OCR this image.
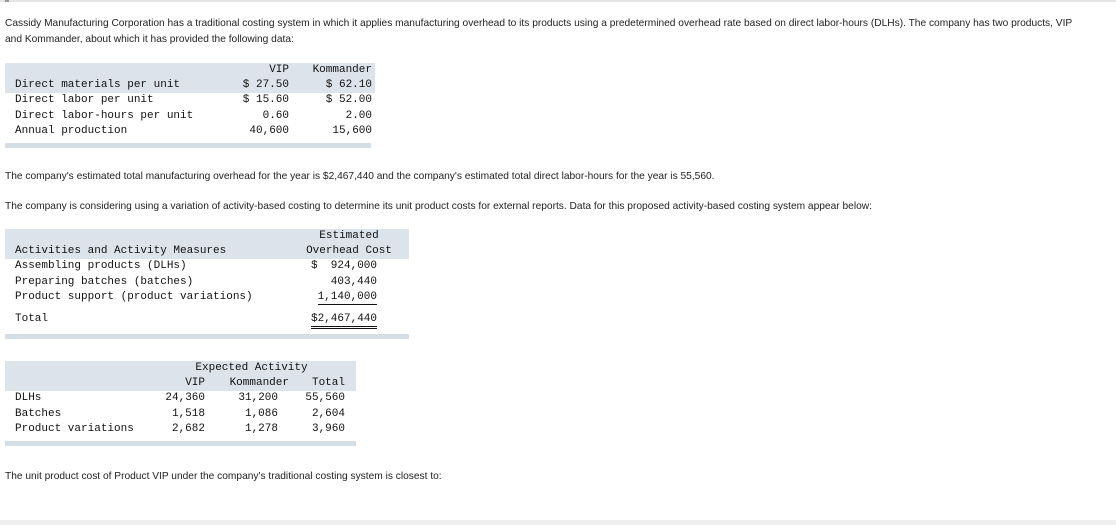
Cassidy Manufacturing Corporation has a traditional costing system in which it applies manufacturing overhead to its products using a predetermined overhead rate based on direct labor-hours (DLHs). The company has two products, VIP and Kommander, about which it has provided the following data:

		VIP		Kommander	
	Direct materials per unit	$ 27.50		$ 62.10	
	Direct labor per unit	$ 15.60		$ 52.00	
	Direct labor-hours per unit	0.60		2.00	
	Annual production	40,600		15,600	

The company's estimated total manufacturing overhead for the year is $2,467,440 and the company's estimated total direct labor-hours for the year is 55,560.

The company is considering using a variation of activity-based costing to determine its unit product costs for external reports. Data for this proposed activity-based costing system appear below:

		Estimated	
	Activities and Activity Measures	Overhead Cost	
	Assembling products (DLHs)	$  924,000	
	Preparing batches (batches)	403,440	
	Product support (product variations)	1,140,000	
	Total	$2,467,440	
		Expected Activity					
		VIP		Kommander		Total	
	DLHs	24,360		31,200		55,560	
	Batches	1,518		1,086		2,604	
	Product variations	2,682		1,278		3,960	

The unit product cost of Product VIP under the company's traditional costing system is closest to:
